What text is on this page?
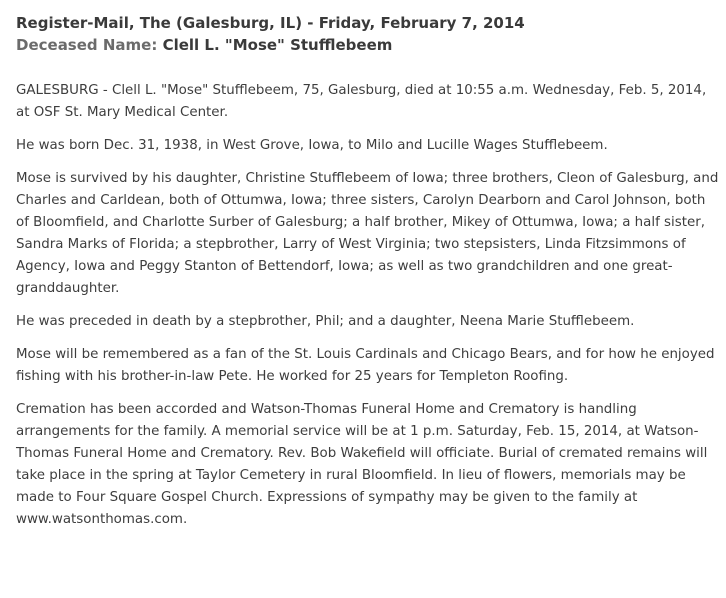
Register-Mail, The (Galesburg, IL) - Friday, February 7, 2014
Deceased Name: Clell L. "Mose" Stufflebeem

GALESBURG - Clell L. "Mose" Stufflebeem, 75, Galesburg, died at 10:55 a.m. Wednesday, Feb. 5, 2014, at OSF St. Mary Medical Center.

He was born Dec. 31, 1938, in West Grove, Iowa, to Milo and Lucille Wages Stufflebeem.

Mose is survived by his daughter, Christine Stufflebeem of Iowa; three brothers, Cleon of Galesburg, and Charles and Carldean, both of Ottumwa, Iowa; three sisters, Carolyn Dearborn and Carol Johnson, both of Bloomfield, and Charlotte Surber of Galesburg; a half brother, Mikey of Ottumwa, Iowa; a half sister, Sandra Marks of Florida; a stepbrother, Larry of West Virginia; two stepsisters, Linda Fitzsimmons of Agency, Iowa and Peggy Stanton of Bettendorf, Iowa; as well as two grandchildren and one great-granddaughter.

He was preceded in death by a stepbrother, Phil; and a daughter, Neena Marie Stufflebeem.

Mose will be remembered as a fan of the St. Louis Cardinals and Chicago Bears, and for how he enjoyed fishing with his brother-in-law Pete. He worked for 25 years for Templeton Roofing.

Cremation has been accorded and Watson-Thomas Funeral Home and Crematory is handling arrangements for the family. A memorial service will be at 1 p.m. Saturday, Feb. 15, 2014, at Watson-Thomas Funeral Home and Crematory. Rev. Bob Wakefield will officiate. Burial of cremated remains will take place in the spring at Taylor Cemetery in rural Bloomfield. In lieu of flowers, memorials may be made to Four Square Gospel Church. Expressions of sympathy may be given to the family at www.watsonthomas.com.
